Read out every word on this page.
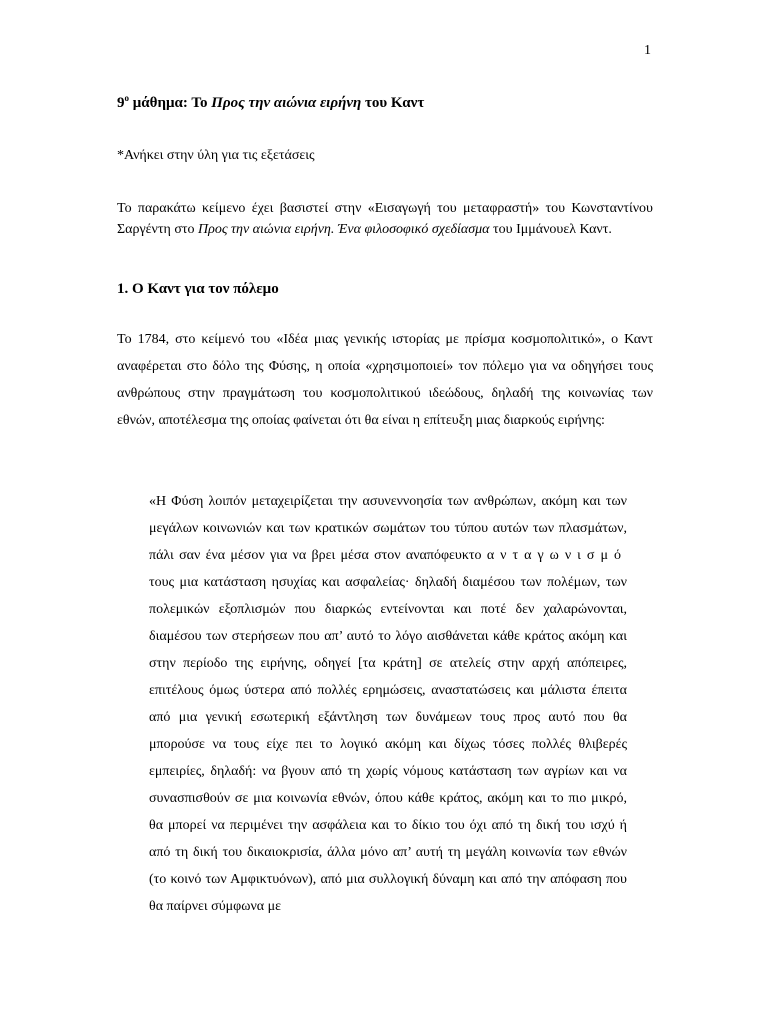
1
$9^o$ μάθημα: Το Προς την αιώνια ειρήνη του Καντ
*Ανήκει στην ύλη για τις εξετάσεις

Το παρακάτω κείμενο έχει βασιστεί στην «Εισαγωγή του μεταφραστή» του Κωνσταντίνου Σαργέντη στο Προς την αιώνια ειρήνη. Ένα φιλοσοφικό σχεδίασμα του Ιμμάνουελ Καντ.

1. Ο Καντ για τον πόλεμο

Το 1784, στο κείμενό του «Ιδέα μιας γενικής ιστορίας με πρίσμα κοσμοπολιτικό», ο Καντ αναφέρεται στο δόλο της Φύσης, η οποία «χρησιμοποιεί» τον πόλεμο για να οδηγήσει τους ανθρώπους στην πραγμάτωση του κοσμοπολιτικού ιδεώδους, δηλαδή της κοινωνίας των εθνών, αποτέλεσμα της οποίας φαίνεται ότι θα είναι η επίτευξη μιας διαρκούς ειρήνης:

«Η Φύση λοιπόν μεταχειρίζεται την ασυνεννοησία των ανθρώπων, ακόμη και των μεγάλων κοινωνιών και των κρατικών σωμάτων του τύπου αυτών των πλασμάτων, πάλι σαν ένα μέσον για να βρει μέσα στον αναπόφευκτο ανταγωνισμό τους μια κατάσταση ησυχίας και ασφαλείας· δηλαδή διαμέσου των πολέμων, των πολεμικών εξοπλισμών που διαρκώς εντείνονται και ποτέ δεν χαλαρώνονται, διαμέσου των στερήσεων που απ’ αυτό το λόγο αισθάνεται κάθε κράτος ακόμη και στην περίοδο της ειρήνης, οδηγεί [τα κράτη] σε ατελείς στην αρχή απόπειρες, επιτέλους όμως ύστερα από πολλές ερημώσεις, αναστατώσεις και μάλιστα έπειτα από μια γενική εσωτερική εξάντληση των δυνάμεων τους προς αυτό που θα μπορούσε να τους είχε πει το λογικό ακόμη και δίχως τόσες πολλές θλιβερές εμπειρίες, δηλαδή: να βγουν από τη χωρίς νόμους κατάσταση των αγρίων και να συνασπισθούν σε μια κοινωνία εθνών, όπου κάθε κράτος, ακόμη και το πιο μικρό, θα μπορεί να περιμένει την ασφάλεια και το δίκιο του όχι από τη δική του ισχύ ή από τη δική του δικαιοκρισία, άλλα μόνο απ’ αυτή τη μεγάλη κοινωνία των εθνών (το κοινό των Αμφικτυόνων), από μια συλλογική δύναμη και από την απόφαση που θα παίρνει σύμφωνα με
